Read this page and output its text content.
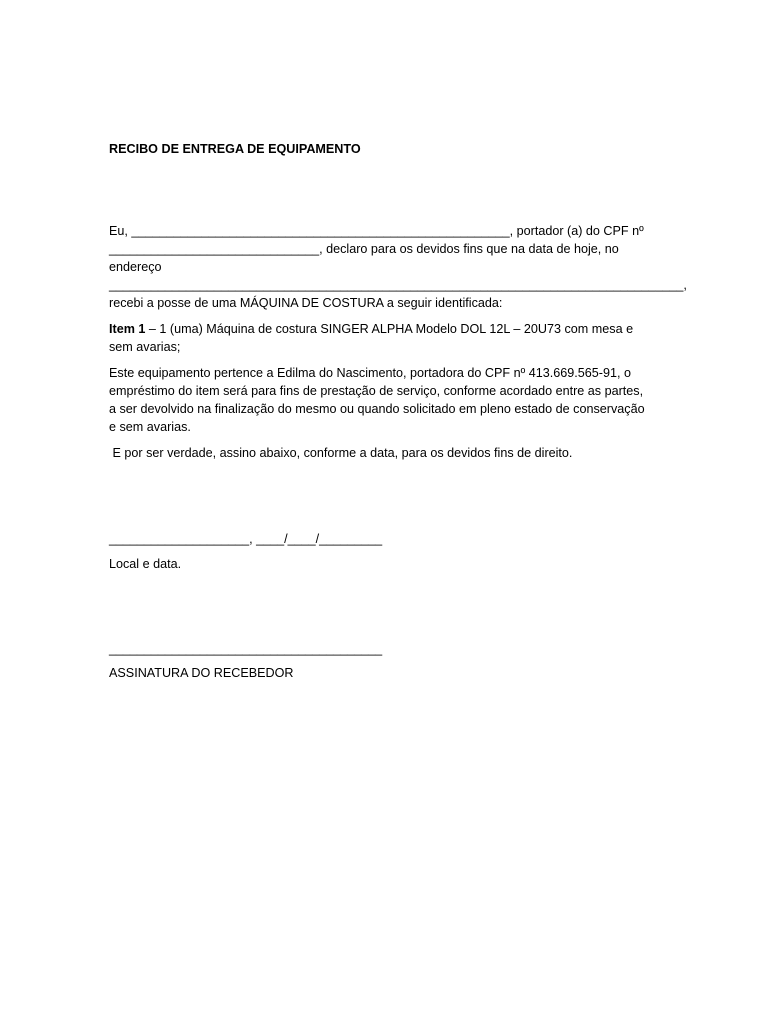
RECIBO DE ENTREGA DE EQUIPAMENTO

Eu, ______________________________________________________, portador (a) do CPF nº
______________________________, declaro para os devidos fins que na data de hoje, no
endereço
__________________________________________________________________________________,
recebi a posse de uma MÁQUINA DE COSTURA a seguir identificada:

Item 1 – 1 (uma) Máquina de costura SINGER ALPHA Modelo DOL 12L – 20U73 com mesa e
sem avarias;

Este equipamento pertence a Edilma do Nascimento, portadora do CPF nº 413.669.565-91, o
empréstimo do item será para fins de prestação de serviço, conforme acordado entre as partes,
a ser devolvido na finalização do mesmo ou quando solicitado em pleno estado de conservação
e sem avarias.

E por ser verdade, assino abaixo, conforme a data, para os devidos fins de direito.

____________________, ____/____/_________

Local e data.

_______________________________________

ASSINATURA DO RECEBEDOR
